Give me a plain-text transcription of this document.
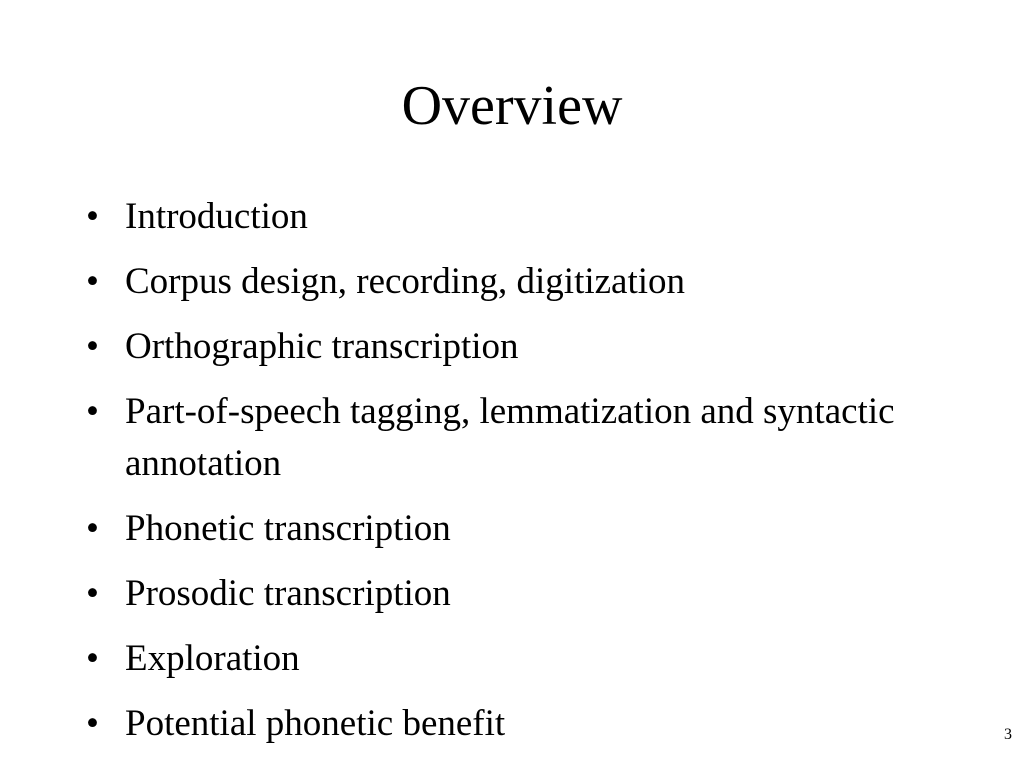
Overview
• Introduction
• Corpus design, recording, digitization
• Orthographic transcription
• Part-of-speech tagging, lemmatization and syntactic annotation
• Phonetic transcription
• Prosodic transcription
• Exploration
• Potential phonetic benefit	3
